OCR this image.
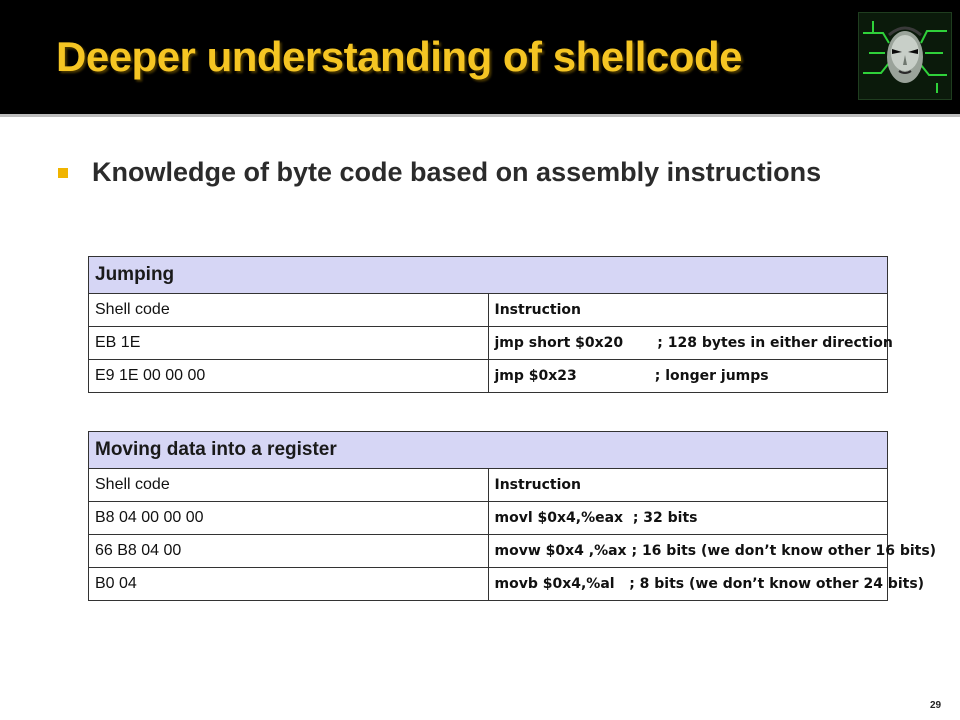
Deeper understanding of shellcode
Knowledge of byte code based on assembly instructions
Jumping	
Shell code	Instruction
EB 1E	jmp short $0x20       ; 128 bytes in either direction
E9 1E 00 00 00	jmp $0x23                ; longer jumps
Moving data into a register	
Shell code	Instruction
B8 04 00 00 00	movl $0x4,%eax  ; 32 bits
66 B8 04 00	movw $0x4 ,%ax ; 16 bits (we don’t know other 16 bits)
B0 04	movb $0x4,%al   ; 8 bits (we don’t know other 24 bits)
29
